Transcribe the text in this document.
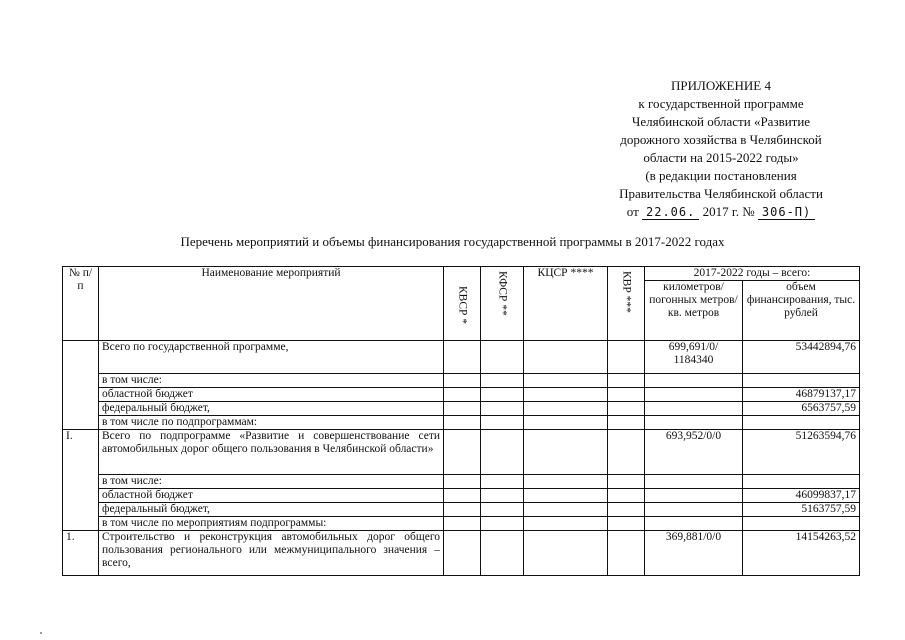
ПРИЛОЖЕНИЕ 4
к государственной программе
Челябинской области «Развитие
дорожного хозяйства в Челябинской
области на 2015-2022 годы»
(в редакции постановления
Правительства Челябинской области
от 22.06. 2017 г. № 306-П)
Перечень мероприятий и объемы финансирования государственной программы в 2017-2022 годах
№ п/п	Наименование мероприятий	КВСР *	КФСР **	КЦСР ****	КВР ***	2017-2022 годы – всего:	
						километров/ погонных метров/ кв. метров	объем финансирования, тыс. рублей
	Всего по государственной программе,					699,691/0/ 1184340	53442894,76
	в том числе:						
	областной бюджет						46879137,17
	федеральный бюджет,						6563757,59
	в том числе по подпрограммам:						
I.	Всего по подпрограмме «Развитие и совершенствование сети автомобильных дорог общего пользования в Челябинской области»					693,952/0/0	51263594,76
	в том числе:						
	областной бюджет						46099837,17
	федеральный бюджет,						5163757,59
	в том числе по мероприятиям подпрограммы:						
1.	Строительство и реконструкция автомобильных дорог общего пользования регионального или межмуниципального значения – всего,					369,881/0/0	14154263,52
